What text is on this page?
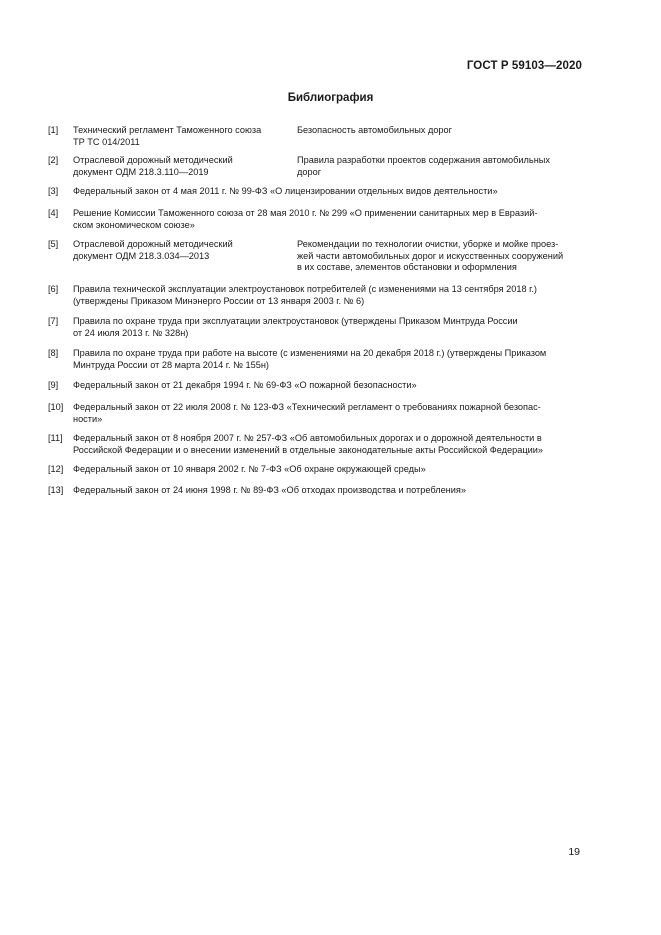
ГОСТ Р 59103—2020
Библиография
[1] Технический регламент Таможенного союза
ТР ТС 014/2011
Безопасность автомобильных дорог
[2] Отраслевой дорожный методический
документ ОДМ 218.3.110—2019
Правила разработки проектов содержания автомобильных
дорог
[3] Федеральный закон от 4 мая 2011 г. № 99-ФЗ «О лицензировании отдельных видов деятельности»
[4] Решение Комиссии Таможенного союза от 28 мая 2010 г. № 299 «О применении санитарных мер в Евразий-
ском экономическом союзе»
[5] Отраслевой дорожный методический
документ ОДМ 218.3.034—2013
Рекомендации по технологии очистки, уборке и мойке проез-
жей части автомобильных дорог и искусственных сооружений
в их составе, элементов обстановки и оформления
[6] Правила технической эксплуатации электроустановок потребителей (с изменениями на 13 сентября 2018 г.)
(утверждены Приказом Минэнерго России от 13 января 2003 г. № 6)
[7] Правила по охране труда при эксплуатации электроустановок (утверждены Приказом Минтруда России
от 24 июля 2013 г. № 328н)
[8] Правила по охране труда при работе на высоте (с изменениями на 20 декабря 2018 г.) (утверждены Приказом
Минтруда России от 28 марта 2014 г. № 155н)
[9] Федеральный закон от 21 декабря 1994 г. № 69-ФЗ «О пожарной безопасности»
[10] Федеральный закон от 22 июля 2008 г. № 123-ФЗ «Технический регламент о требованиях пожарной безопас-
ности»
[11] Федеральный закон от 8 ноября 2007 г. № 257-ФЗ «Об автомобильных дорогах и о дорожной деятельности в
Российской Федерации и о внесении изменений в отдельные законодательные акты Российской Федерации»
[12] Федеральный закон от 10 января 2002 г. № 7-ФЗ «Об охране окружающей среды»
[13] Федеральный закон от 24 июня 1998 г. № 89-ФЗ «Об отходах производства и потребления»
19
